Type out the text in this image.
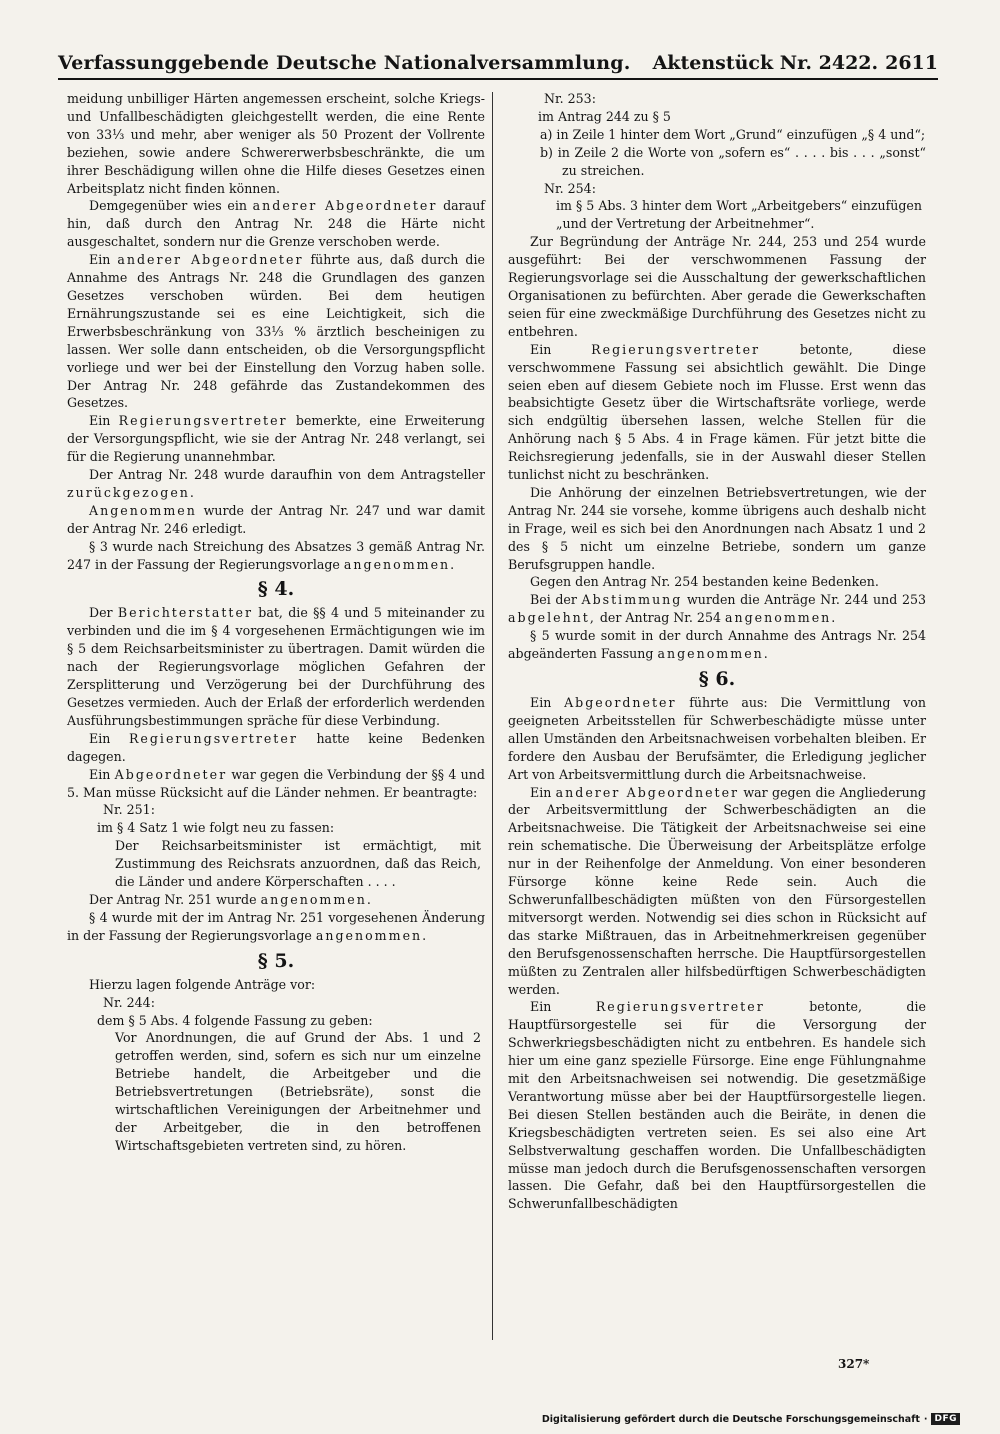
Verfassunggebende Deutsche Nationalversammlung. Aktenstück Nr. 2422. 2611

meidung unbilliger Härten angemessen erscheint, solche Kriegs- und Unfallbeschädigten gleichgestellt werden, die eine Rente von 33⅓ und mehr, aber weniger als 50 Prozent der Vollrente beziehen, sowie andere Schwererwerbsbeschränkte, die um ihrer Beschädigung willen ohne die Hilfe dieses Gesetzes einen Arbeitsplatz nicht finden können.

Demgegenüber wies ein anderer Abgeordneter darauf hin, daß durch den Antrag Nr. 248 die Härte nicht ausgeschaltet, sondern nur die Grenze verschoben werde.

Ein anderer Abgeordneter führte aus, daß durch die Annahme des Antrags Nr. 248 die Grundlagen des ganzen Gesetzes verschoben würden. Bei dem heutigen Ernährungszustande sei es eine Leichtigkeit, sich die Erwerbsbeschränkung von 33⅓ % ärztlich bescheinigen zu lassen. Wer solle dann entscheiden, ob die Versorgungspflicht vorliege und wer bei der Einstellung den Vorzug haben solle. Der Antrag Nr. 248 gefährde das Zustandekommen des Gesetzes.

Ein Regierungsvertreter bemerkte, eine Erweiterung der Versorgungspflicht, wie sie der Antrag Nr. 248 verlangt, sei für die Regierung unannehmbar.

Der Antrag Nr. 248 wurde daraufhin von dem Antragsteller zurückgezogen.

Angenommen wurde der Antrag Nr. 247 und war damit der Antrag Nr. 246 erledigt.

§ 3 wurde nach Streichung des Absatzes 3 gemäß Antrag Nr. 247 in der Fassung der Regierungsvorlage angenommen.

§ 4.

Der Berichterstatter bat, die §§ 4 und 5 miteinander zu verbinden und die im § 4 vorgesehenen Ermächtigungen wie im § 5 dem Reichsarbeitsminister zu übertragen. Damit würden die nach der Regierungsvorlage möglichen Gefahren der Zersplitterung und Verzögerung bei der Durchführung des Gesetzes vermieden. Auch der Erlaß der erforderlich werdenden Ausführungsbestimmungen spräche für diese Verbindung.

Ein Regierungsvertreter hatte keine Bedenken dagegen.

Ein Abgeordneter war gegen die Verbindung der §§ 4 und 5. Man müsse Rücksicht auf die Länder nehmen. Er beantragte:

Nr. 251:

im § 4 Satz 1 wie folgt neu zu fassen:

Der Reichsarbeitsminister ist ermächtigt, mit Zustimmung des Reichsrats anzuordnen, daß das Reich, die Länder und andere Körperschaften . . . .

Der Antrag Nr. 251 wurde angenommen.

§ 4 wurde mit der im Antrag Nr. 251 vorgesehenen Änderung in der Fassung der Regierungsvorlage angenommen.

§ 5.

Hierzu lagen folgende Anträge vor:

Nr. 244:

dem § 5 Abs. 4 folgende Fassung zu geben:

Vor Anordnungen, die auf Grund der Abs. 1 und 2 getroffen werden, sind, sofern es sich nur um einzelne Betriebe handelt, die Arbeitgeber und die Betriebsvertretungen (Betriebsräte), sonst die wirtschaftlichen Vereinigungen der Arbeitnehmer und der Arbeitgeber, die in den betroffenen Wirtschaftsgebieten vertreten sind, zu hören.

Nr. 253:

im Antrag 244 zu § 5

a) in Zeile 1 hinter dem Wort „Grund“ einzufügen „§ 4 und“;

b) in Zeile 2 die Worte von „sofern es“ . . . . bis . . . „sonst“ zu streichen.

Nr. 254:

im § 5 Abs. 3 hinter dem Wort „Arbeitgebers“ einzufügen „und der Vertretung der Arbeitnehmer“.

Zur Begründung der Anträge Nr. 244, 253 und 254 wurde ausgeführt: Bei der verschwommenen Fassung der Regierungsvorlage sei die Ausschaltung der gewerkschaftlichen Organisationen zu befürchten. Aber gerade die Gewerkschaften seien für eine zweckmäßige Durchführung des Gesetzes nicht zu entbehren.

Ein	Regierungsvertreter	betonte, diese verschwommene Fassung sei absichtlich gewählt. Die Dinge seien eben auf diesem Gebiete noch im Flusse. Erst wenn das beabsichtigte Gesetz über die Wirtschaftsräte vorliege, werde sich endgültig übersehen lassen, welche Stellen für die Anhörung nach § 5 Abs. 4 in Frage kämen. Für jetzt bitte die Reichsregierung jedenfalls, sie in der Auswahl dieser Stellen tunlichst nicht zu beschränken.

Die Anhörung der einzelnen Betriebsvertretungen, wie der Antrag Nr. 244 sie vorsehe, komme übrigens auch deshalb nicht in Frage, weil es sich bei den Anordnungen nach Absatz 1 und 2 des § 5 nicht um einzelne Betriebe, sondern um ganze Berufsgruppen handle.

Gegen den Antrag Nr. 254 bestanden keine Bedenken.

Bei der Abstimmung wurden die Anträge Nr. 244 und 253 abgelehnt, der Antrag Nr. 254 angenommen.

§ 5 wurde somit in der durch Annahme des Antrags Nr. 254 abgeänderten Fassung angenommen.

§ 6.

Ein Abgeordneter führte aus: Die Vermittlung von geeigneten Arbeitsstellen für Schwerbeschädigte müsse unter allen Umständen den Arbeitsnachweisen vorbehalten bleiben. Er fordere den Ausbau der Berufsämter, die Erledigung jeglicher Art von Arbeitsvermittlung durch die Arbeitsnachweise.

Ein anderer Abgeordneter war gegen die Angliederung der Arbeitsvermittlung der Schwerbeschädigten an die Arbeitsnachweise. Die Tätigkeit der Arbeitsnachweise sei eine rein schematische. Die Überweisung der Arbeitsplätze erfolge nur in der Reihenfolge der Anmeldung. Von einer besonderen Fürsorge könne keine Rede sein. Auch die Schwerunfallbeschädigten müßten von den Fürsorgestellen mitversorgt werden. Notwendig sei dies schon in Rücksicht auf das starke Mißtrauen, das in Arbeitnehmerkreisen gegenüber den Berufsgenossenschaften herrsche. Die Hauptfürsorgestellen müßten zu Zentralen aller hilfsbedürftigen Schwerbeschädigten werden.

Ein	Regierungsvertreter	betonte, die Hauptfürsorgestelle sei für die Versorgung der Schwerkriegsbeschädigten nicht zu entbehren. Es handele sich hier um eine ganz spezielle Fürsorge. Eine enge Fühlungnahme mit den Arbeitsnachweisen sei notwendig. Die gesetzmäßige Verantwortung müsse aber bei der Hauptfürsorgestelle liegen. Bei diesen Stellen beständen auch die Beiräte, in denen die Kriegsbeschädigten vertreten seien. Es sei also eine Art Selbstverwaltung geschaffen worden. Die Unfallbeschädigten müsse man jedoch durch die Berufsgenossenschaften versorgen lassen. Die Gefahr, daß bei den Hauptfürsorgestellen die Schwerunfallbeschädigten

327*
Digitalisierung gefördert durch die Deutsche Forschungsgemeinschaft · DFG
